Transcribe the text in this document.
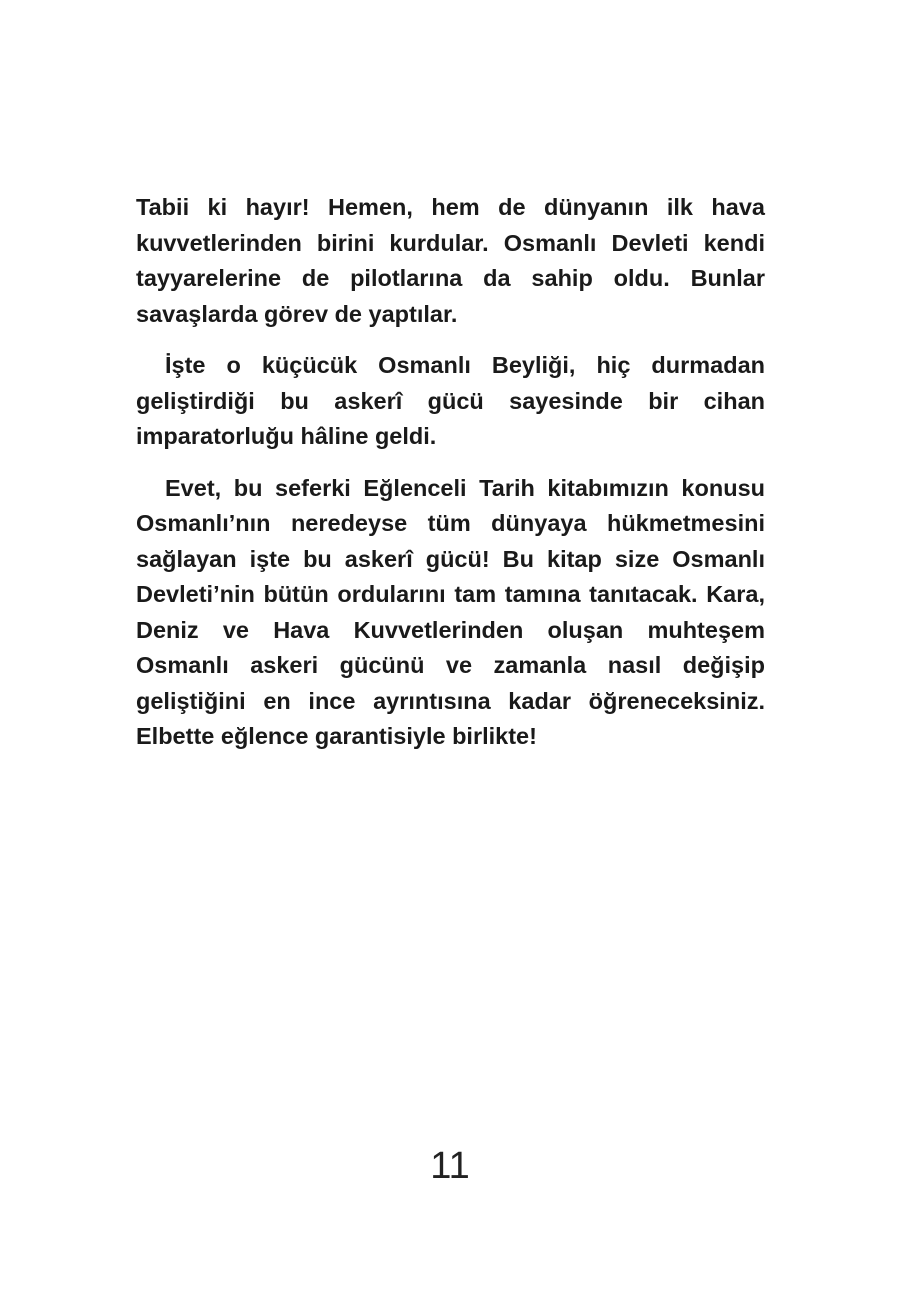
Tabii ki hayır! Hemen, hem de dünyanın ilk hava kuvvetlerinden birini kurdular. Osmanlı Devleti kendi tayyarelerine de pilotlarına da sahip oldu. Bunlar savaşlarda görev de yaptılar.

İşte o küçücük Osmanlı Beyliği, hiç durmadan geliştirdiği bu askerî gücü sayesinde bir cihan imparatorluğu hâline geldi.

Evet, bu seferki Eğlenceli Tarih kitabımızın konusu Osmanlı’nın neredeyse tüm dünyaya hükmetmesini sağlayan işte bu askerî gücü! Bu kitap size Osmanlı Devleti’nin bütün ordularını tam tamına tanıtacak. Kara, Deniz ve Hava Kuvvetlerinden oluşan muhteşem Osmanlı askeri gücünü ve zamanla nasıl değişip geliştiğini en ince ayrıntısına kadar öğreneceksiniz. Elbette eğlence garantisiyle birlikte!

11
